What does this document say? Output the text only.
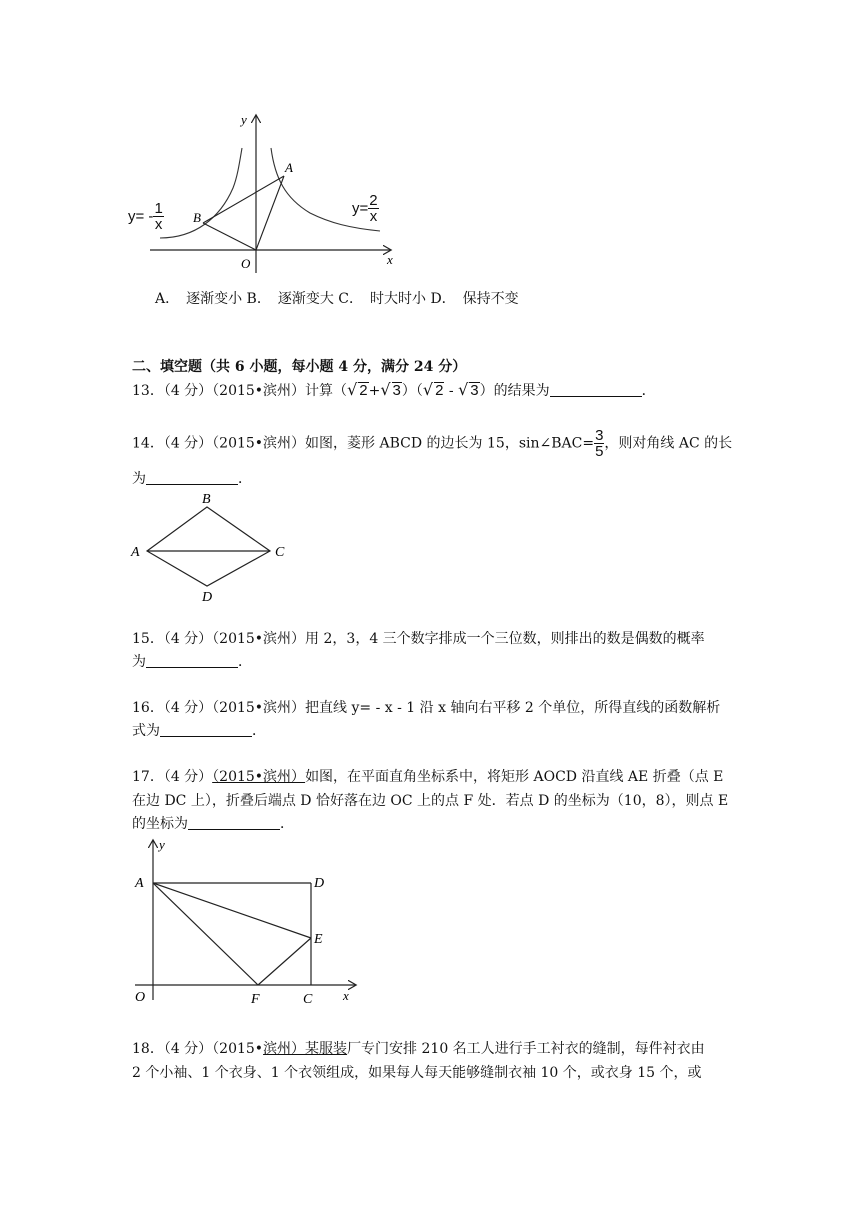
y
x
O
A
B
$y= - \frac{1}{x}$	$y= \frac{2}{x}$
A．　逐渐变小 B．　逐渐变大 C．　时大时小 D．　保持不变
二、填空题（共 6 小题，每小题 4 分，满分 24 分）
13．（4 分）（2015•滨州）计算（√ 2+√ 3）（√ 2 - √ 3）的结果为	．
14．（4 分）（2015•滨州）如图，菱形 ABCD 的边长为 15，sin∠BAC= $\frac{3}{5}$ ，则对角线 AC 的长
为	．
A
B
C
D
15．（4 分）（2015•滨州）用 2，3，4 三个数字排成一个三位数，则排出的数是偶数的概率
为	．
16．（4 分）（2015•滨州）把直线 y= - x - 1 沿 x 轴向右平移 2 个单位，所得直线的函数解析
式为	．
17．（4 分）（2015•滨州）如图，在平面直角坐标系中，将矩形 AOCD 沿直线 AE 折叠（点 E
在边 DC 上），折叠后端点 D 恰好落在边 OC 上的点 F 处．若点 D 的坐标为（10，8），则点 E
的坐标为	．
y
x
O
A	D
E
F	C
18．（4 分）（2015•滨州）某服装厂专门安排 210 名工人进行手工衬衣的缝制，每件衬衣由
2 个小袖、1 个衣身、1 个衣领组成，如果每人每天能够缝制衣袖 10 个，或衣身 15 个，或
